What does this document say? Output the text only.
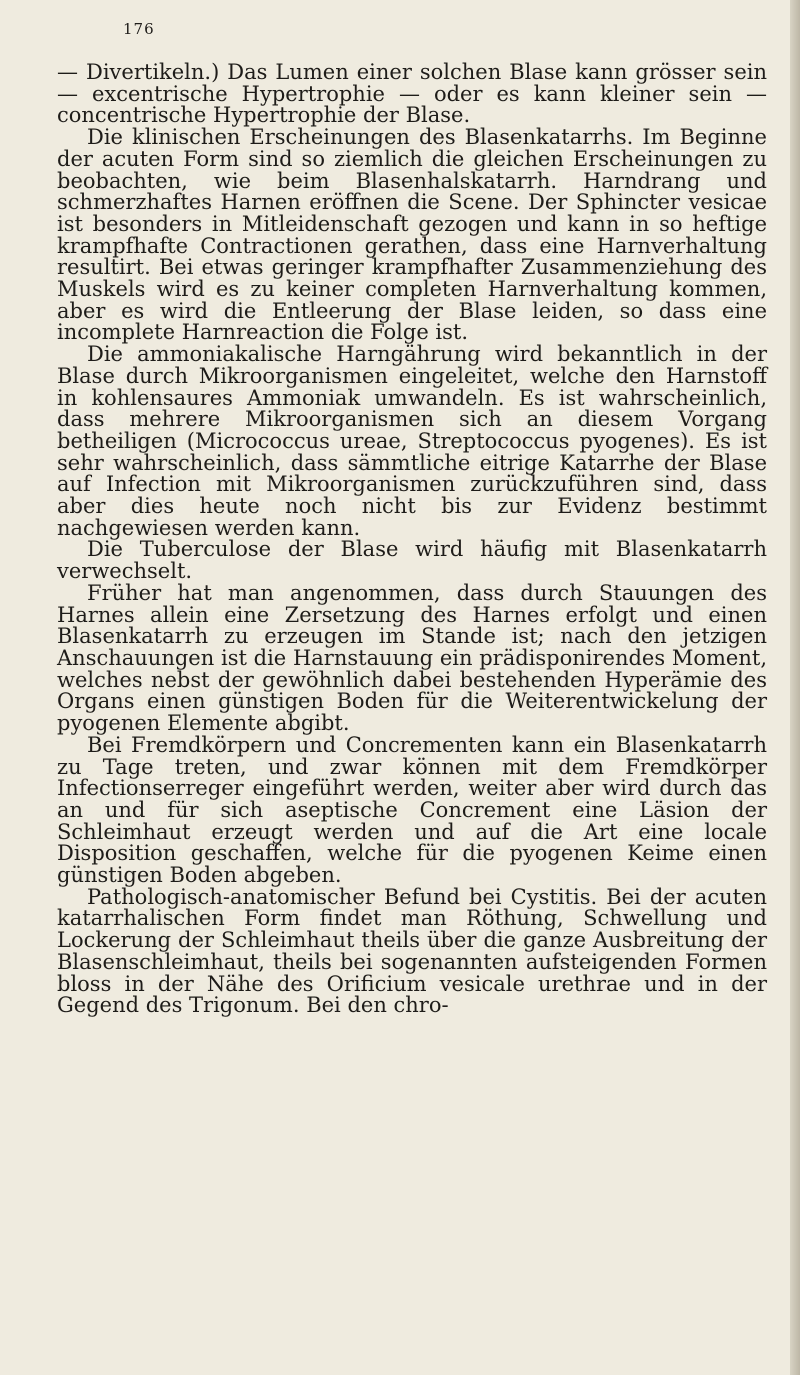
176

— Divertikeln.) Das Lumen einer solchen Blase kann grösser sein — excentrische Hypertrophie — oder es kann kleiner sein — concentrische Hypertrophie der Blase.

Die klinischen Erscheinungen des Blasenkatarrhs. Im Beginne der acuten Form sind so ziemlich die gleichen Erscheinungen zu beobachten, wie beim Blasenhalskatarrh. Harndrang und schmerzhaftes Harnen eröffnen die Scene. Der Sphincter vesicae ist besonders in Mitleidenschaft gezogen und kann in so heftige krampfhafte Contractionen gerathen, dass eine Harnverhaltung resultirt. Bei etwas geringer krampfhafter Zusammenziehung des Muskels wird es zu keiner completen Harnverhaltung kommen, aber es wird die Entleerung der Blase leiden, so dass eine incomplete Harnreaction die Folge ist.

Die ammoniakalische Harngährung wird bekanntlich in der Blase durch Mikroorganismen eingeleitet, welche den Harnstoff in kohlensaures Ammoniak umwandeln. Es ist wahrscheinlich, dass mehrere Mikroorganismen sich an diesem Vorgang betheiligen (Micrococcus ureae, Streptococcus pyogenes). Es ist sehr wahrscheinlich, dass sämmtliche eitrige Katarrhe der Blase auf Infection mit Mikroorganismen zurückzuführen sind, dass aber dies heute noch nicht bis zur Evidenz bestimmt nachgewiesen werden kann.

Die Tuberculose der Blase wird häufig mit Blasenkatarrh verwechselt.

Früher hat man angenommen, dass durch Stauungen des Harnes allein eine Zersetzung des Harnes erfolgt und einen Blasenkatarrh zu erzeugen im Stande ist; nach den jetzigen Anschauungen ist die Harnstauung ein prädisponirendes Moment, welches nebst der gewöhnlich dabei bestehenden Hyperämie des Organs einen günstigen Boden für die Weiterentwickelung der pyogenen Elemente abgibt.

Bei Fremdkörpern und Concrementen kann ein Blasenkatarrh zu Tage treten, und zwar können mit dem Fremdkörper Infectionserreger eingeführt werden, weiter aber wird durch das an und für sich aseptische Concrement eine Läsion der Schleimhaut erzeugt werden und auf die Art eine locale Disposition geschaffen, welche für die pyogenen Keime einen günstigen Boden abgeben.

Pathologisch-anatomischer Befund bei Cystitis. Bei der acuten katarrhalischen Form findet man Röthung, Schwellung und Lockerung der Schleimhaut theils über die ganze Ausbreitung der Blasenschleimhaut, theils bei sogenannten aufsteigenden Formen bloss in der Nähe des Orificium vesicale urethrae und in der Gegend des Trigonum. Bei den chro-
